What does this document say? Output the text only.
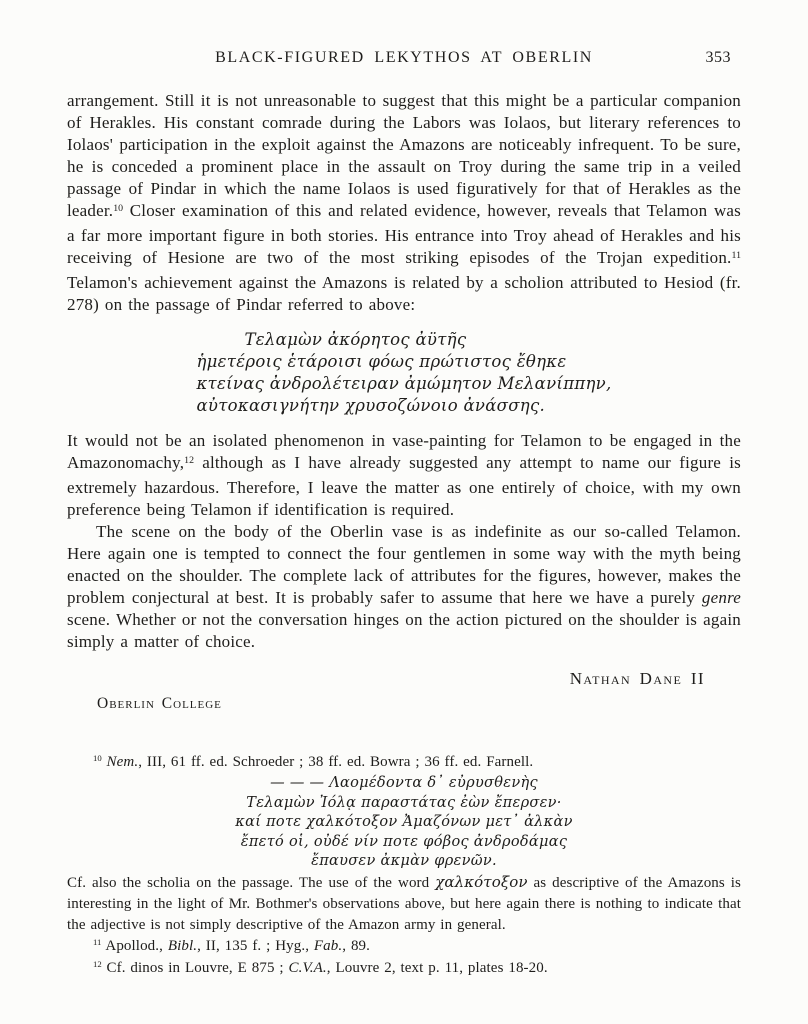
BLACK-FIGURED LEKYTHOS AT OBERLIN	353

arrangement. Still it is not unreasonable to suggest that this might be a particular companion of Herakles. His constant comrade during the Labors was Iolaos, but literary references to Iolaos' participation in the exploit against the Amazons are noticeably infrequent. To be sure, he is conceded a prominent place in the assault on Troy during the same trip in a veiled passage of Pindar in which the name Iolaos is used figuratively for that of Herakles as the leader.$^{10}$ Closer examination of this and related evidence, however, reveals that Telamon was a far more important figure in both stories. His entrance into Troy ahead of Herakles and his receiving of Hesione are two of the most striking episodes of the Trojan expedition.$^{11}$ Telamon's achievement against the Amazons is related by a scholion attributed to Hesiod (fr. 278) on the passage of Pindar referred to above:

Τελαμὼν ἀκόρητος ἀϋτῆς
ἡμετέροις ἑτάροισι φόως πρώτιστος ἔθηκε
κτείνας ἀνδρολέτειραν ἀμώμητον Μελανίππην,
αὐτοκασιγνήτην χρυσοζώνοιο ἀνάσσης.

It would not be an isolated phenomenon in vase-painting for Telamon to be engaged in the Amazonomachy,$^{12}$ although as I have already suggested any attempt to name our figure is extremely hazardous. Therefore, I leave the matter as one entirely of choice, with my own preference being Telamon if identification is required.

The scene on the body of the Oberlin vase is as indefinite as our so-called Telamon. Here again one is tempted to connect the four gentlemen in some way with the myth being enacted on the shoulder. The complete lack of attributes for the figures, however, makes the problem conjectural at best. It is probably safer to assume that here we have a purely genre scene. Whether or not the conversation hinges on the action pictured on the shoulder is again simply a matter of choice.

Nathan Dane II
Oberlin College

$^{10}$ Nem., III, 61 ff. ed. Schroeder ; 38 ff. ed. Bowra ; 36 ff. ed. Farnell.

— — — Λαομέδοντα δ᾽ εὐρυσθενὴς
Τελαμὼν Ἰόλᾳ παραστάτας ἐὼν ἔπερσεν·
καί ποτε χαλκότοξον Ἀμαζόνων μετ᾽ ἀλκὰν
ἔπετό οἱ, οὐδέ νίν ποτε φόβος ἀνδροδάμας
ἔπαυσεν ἀκμὰν φρενῶν.

Cf. also the scholia on the passage. The use of the word χαλκότοξον as descriptive of the Amazons is interesting in the light of Mr. Bothmer's observations above, but here again there is nothing to indicate that the adjective is not simply descriptive of the Amazon army in general.

$^{11}$ Apollod., Bibl., II, 135 f. ; Hyg., Fab., 89.

$^{12}$ Cf. dinos in Louvre, E 875 ; C.V.A., Louvre 2, text p. 11, plates 18-20.
